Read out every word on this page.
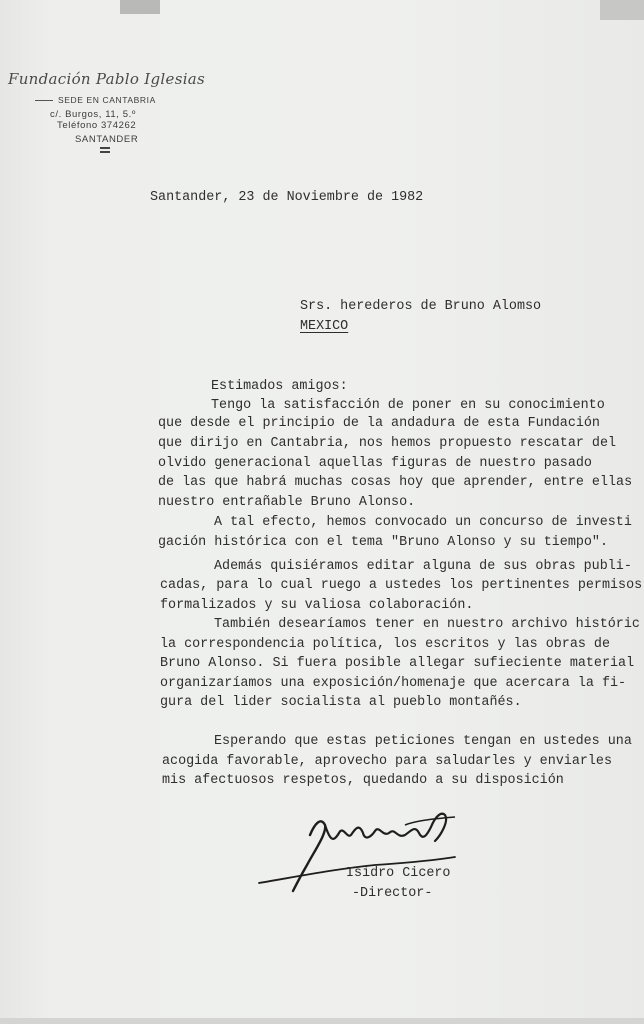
Fundación Pablo Iglesias
SEDE EN CANTABRIA
c/. Burgos, 11, 5.º
Teléfono 374262
SANTANDER
Santander, 23 de Noviembre de 1982
Srs. herederos de Bruno Alomso
MEXICO
Estimados amigos:
Tengo la satisfacción de poner en su conocimiento
que desde el principio de la andadura de esta Fundación
que dirijo en Cantabria, nos hemos propuesto rescatar del
olvido generacional aquellas figuras de nuestro pasado
de las que habrá muchas cosas hoy que aprender, entre ellas
nuestro entrañable Bruno Alonso.
A tal efecto, hemos convocado un concurso de investi
gación histórica con el tema "Bruno Alonso y su tiempo".
Además quisiéramos editar alguna de sus obras publi-
cadas, para lo cual ruego a ustedes los pertinentes permisos
formalizados y su valiosa colaboración.
También desearíamos tener en nuestro archivo históric
la correspondencia política, los escritos y las obras de
Bruno Alonso. Si fuera posible allegar sufieciente material
organizaríamos una exposición/homenaje que acercara la fi-
gura del lider socialista al pueblo montañés.
Esperando que estas peticiones tengan en ustedes una
acogida favorable, aprovecho para saludarles y enviarles
mis afectuosos respetos, quedando a su disposición
Isidro Cicero
-Director-
